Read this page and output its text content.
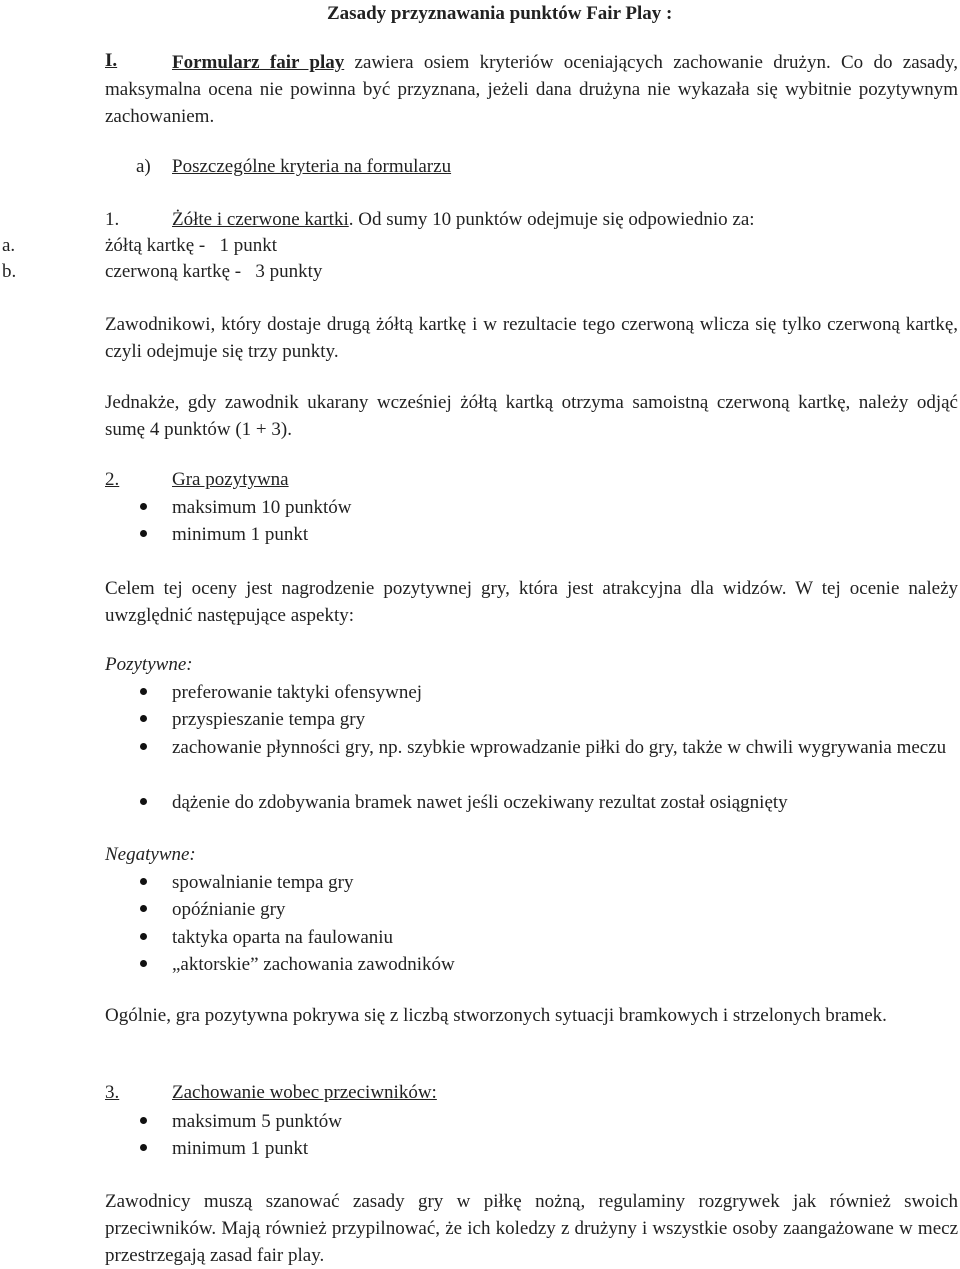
Zasady przyznawania punktów Fair Play :
I.	Formularz fair play zawiera osiem kryteriów oceniających zachowanie drużyn. Co do zasady, maksymalna ocena nie powinna być przyznana, jeżeli dana drużyna nie wykazała się wybitnie pozytywnym zachowaniem.
a) Poszczególne kryteria na formularzu
1.	Żółte i czerwone kartki. Od sumy 10 punktów odejmuje się odpowiednio za:
a.	żółtą kartkę -   1 punkt
b.	czerwoną kartkę -   3 punkty
Zawodnikowi, który dostaje drugą żółtą kartkę i w rezultacie tego czerwoną wlicza się tylko czerwoną kartkę, czyli odejmuje się trzy punkty.
Jednakże, gdy zawodnik ukarany wcześniej żółtą kartką otrzyma samoistną czerwoną kartkę, należy odjąć sumę 4 punktów (1 + 3).
2.	Gra pozytywna
maksimum 10 punktów
minimum 1 punkt
Celem tej oceny jest nagrodzenie pozytywnej gry, która jest atrakcyjna dla widzów. W tej ocenie należy uwzględnić następujące aspekty:
Pozytywne:
preferowanie taktyki ofensywnej
przyspieszanie tempa gry
zachowanie płynności gry, np. szybkie wprowadzanie piłki do gry, także w chwili wygrywania meczu
dążenie do zdobywania bramek nawet jeśli oczekiwany rezultat został osiągnięty
Negatywne:
spowalnianie tempa gry
opóźnianie gry
taktyka oparta na faulowaniu
„aktorskie” zachowania zawodników
Ogólnie, gra pozytywna pokrywa się z liczbą stworzonych sytuacji bramkowych i strzelonych bramek.
3.	Zachowanie wobec przeciwników:
maksimum 5 punktów
minimum 1 punkt
Zawodnicy muszą szanować zasady gry w piłkę nożną, regulaminy rozgrywek jak również swoich przeciwników. Mają również przypilnować, że ich koledzy z drużyny i wszystkie osoby zaangażowane w mecz przestrzegają zasad fair play.
